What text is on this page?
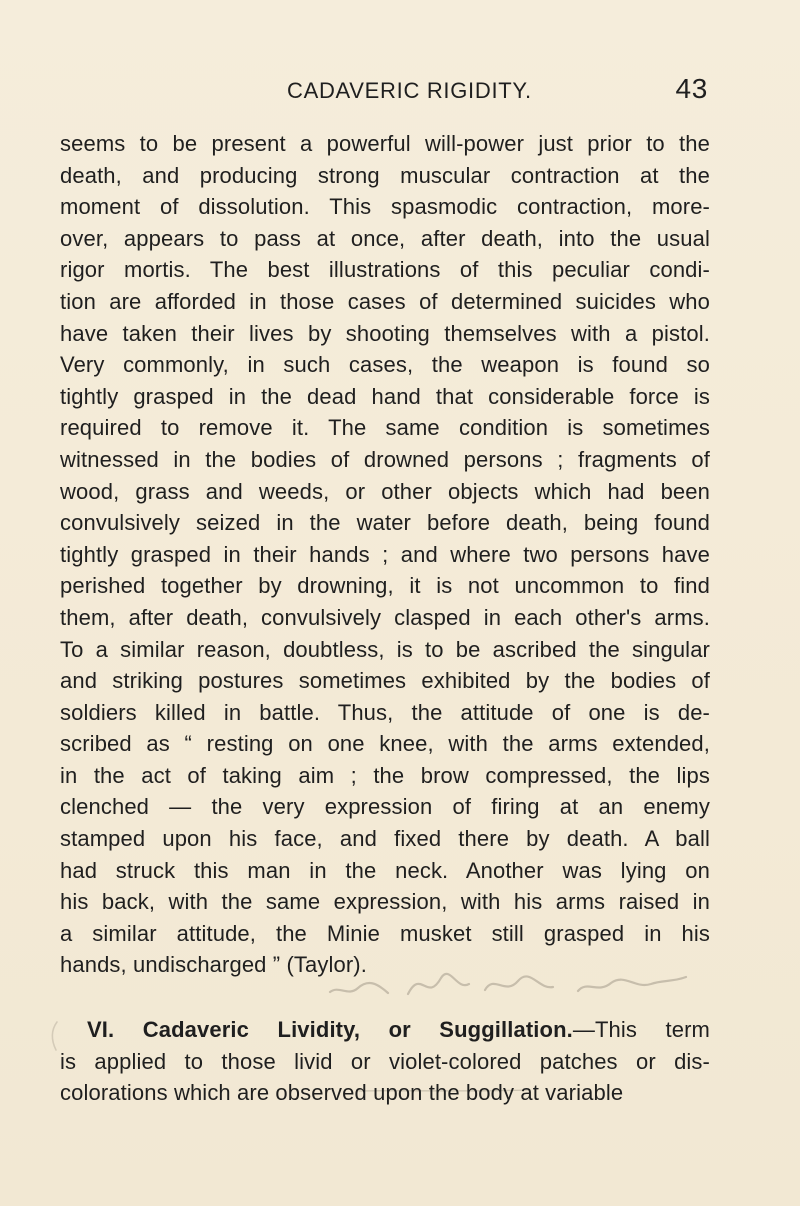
CADAVERIC RIGIDITY.	43
seems to be present a powerful will-power just prior to the
death, and producing strong muscular contraction at the
moment of dissolution. This spasmodic contraction, more-
over, appears to pass at once, after death, into the usual
rigor mortis. The best illustrations of this peculiar condi-
tion are afforded in those cases of determined suicides who
have taken their lives by shooting themselves with a pistol.
Very commonly, in such cases, the weapon is found so
tightly grasped in the dead hand that considerable force is
required to remove it. The same condition is sometimes
witnessed in the bodies of drowned persons ; fragments of
wood, grass and weeds, or other objects which had been
convulsively seized in the water before death, being found
tightly grasped in their hands ; and where two persons have
perished together by drowning, it is not uncommon to find
them, after death, convulsively clasped in each other's arms.
To a similar reason, doubtless, is to be ascribed the singular
and striking postures sometimes exhibited by the bodies of
soldiers killed in battle. Thus, the attitude of one is de-
scribed as “ resting on one knee, with the arms extended,
in the act of taking aim ; the brow compressed, the lips
clenched — the very expression of firing at an enemy
stamped upon his face, and fixed there by death. A ball
had struck this man in the neck. Another was lying on
his back, with the same expression, with his arms raised in
a similar attitude, the Minie musket still grasped in his
hands, undischarged ” (Taylor).
VI. Cadaveric Lividity, or Suggillation.—This term
is applied to those livid or violet-colored patches or dis-
colorations which are observed upon the body at variable
